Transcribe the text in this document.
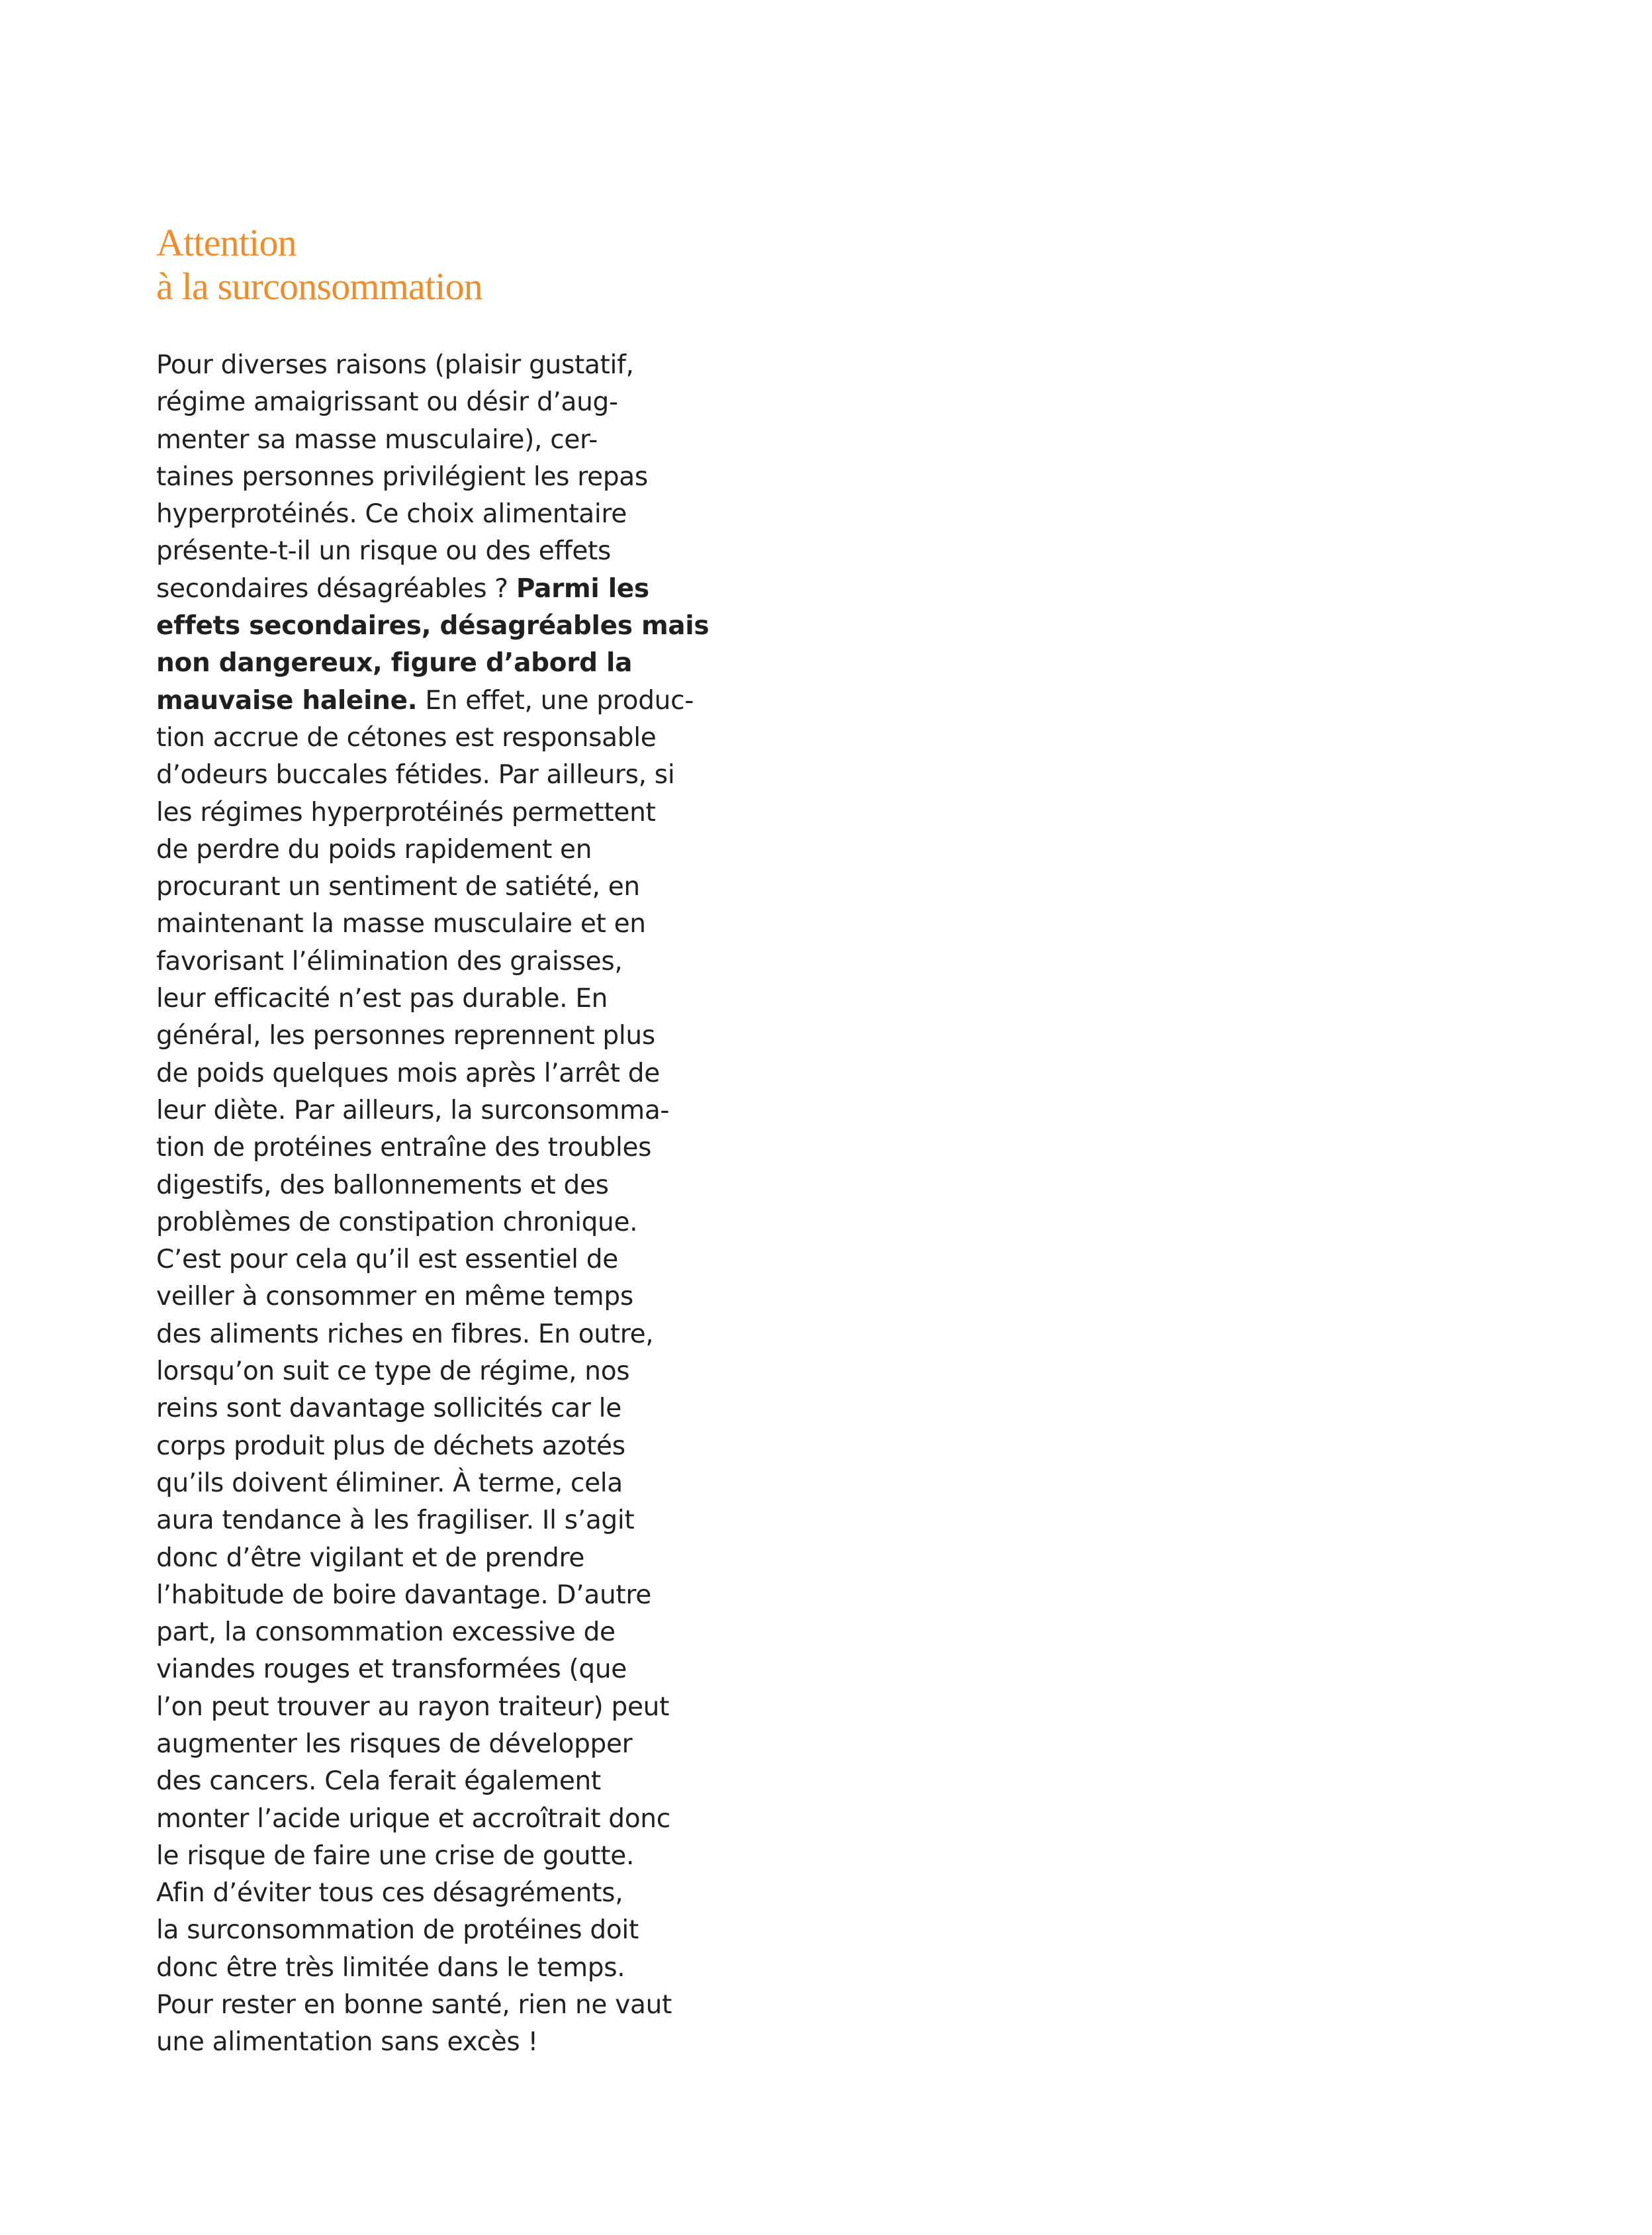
Attention
à la surconsommation
Pour diverses raisons (plaisir gustatif,
régime amaigrissant ou désir d’aug-
menter sa masse musculaire), cer-
taines personnes privilégient les repas
hyperprotéinés. Ce choix alimentaire
présente-t-il un risque ou des effets
secondaires désagréables ? Parmi les
effets secondaires, désagréables mais
non dangereux, figure d’abord la
mauvaise haleine. En effet, une produc-
tion accrue de cétones est responsable
d’odeurs buccales fétides. Par ailleurs, si
les régimes hyperprotéinés permettent
de perdre du poids rapidement en
procurant un sentiment de satiété, en
maintenant la masse musculaire et en
favorisant l’élimination des graisses,
leur efficacité n’est pas durable. En
général, les personnes reprennent plus
de poids quelques mois après l’arrêt de
leur diète. Par ailleurs, la surconsomma-
tion de protéines entraîne des troubles
digestifs, des ballonnements et des
problèmes de constipation chronique.
C’est pour cela qu’il est essentiel de
veiller à consommer en même temps
des aliments riches en fibres. En outre,
lorsqu’on suit ce type de régime, nos
reins sont davantage sollicités car le
corps produit plus de déchets azotés
qu’ils doivent éliminer. À terme, cela
aura tendance à les fragiliser. Il s’agit
donc d’être vigilant et de prendre
l’habitude de boire davantage. D’autre
part, la consommation excessive de
viandes rouges et transformées (que
l’on peut trouver au rayon traiteur) peut
augmenter les risques de développer
des cancers. Cela ferait également
monter l’acide urique et accroîtrait donc
le risque de faire une crise de goutte.
Afin d’éviter tous ces désagréments,
la surconsommation de protéines doit
donc être très limitée dans le temps.
Pour rester en bonne santé, rien ne vaut
une alimentation sans excès !
